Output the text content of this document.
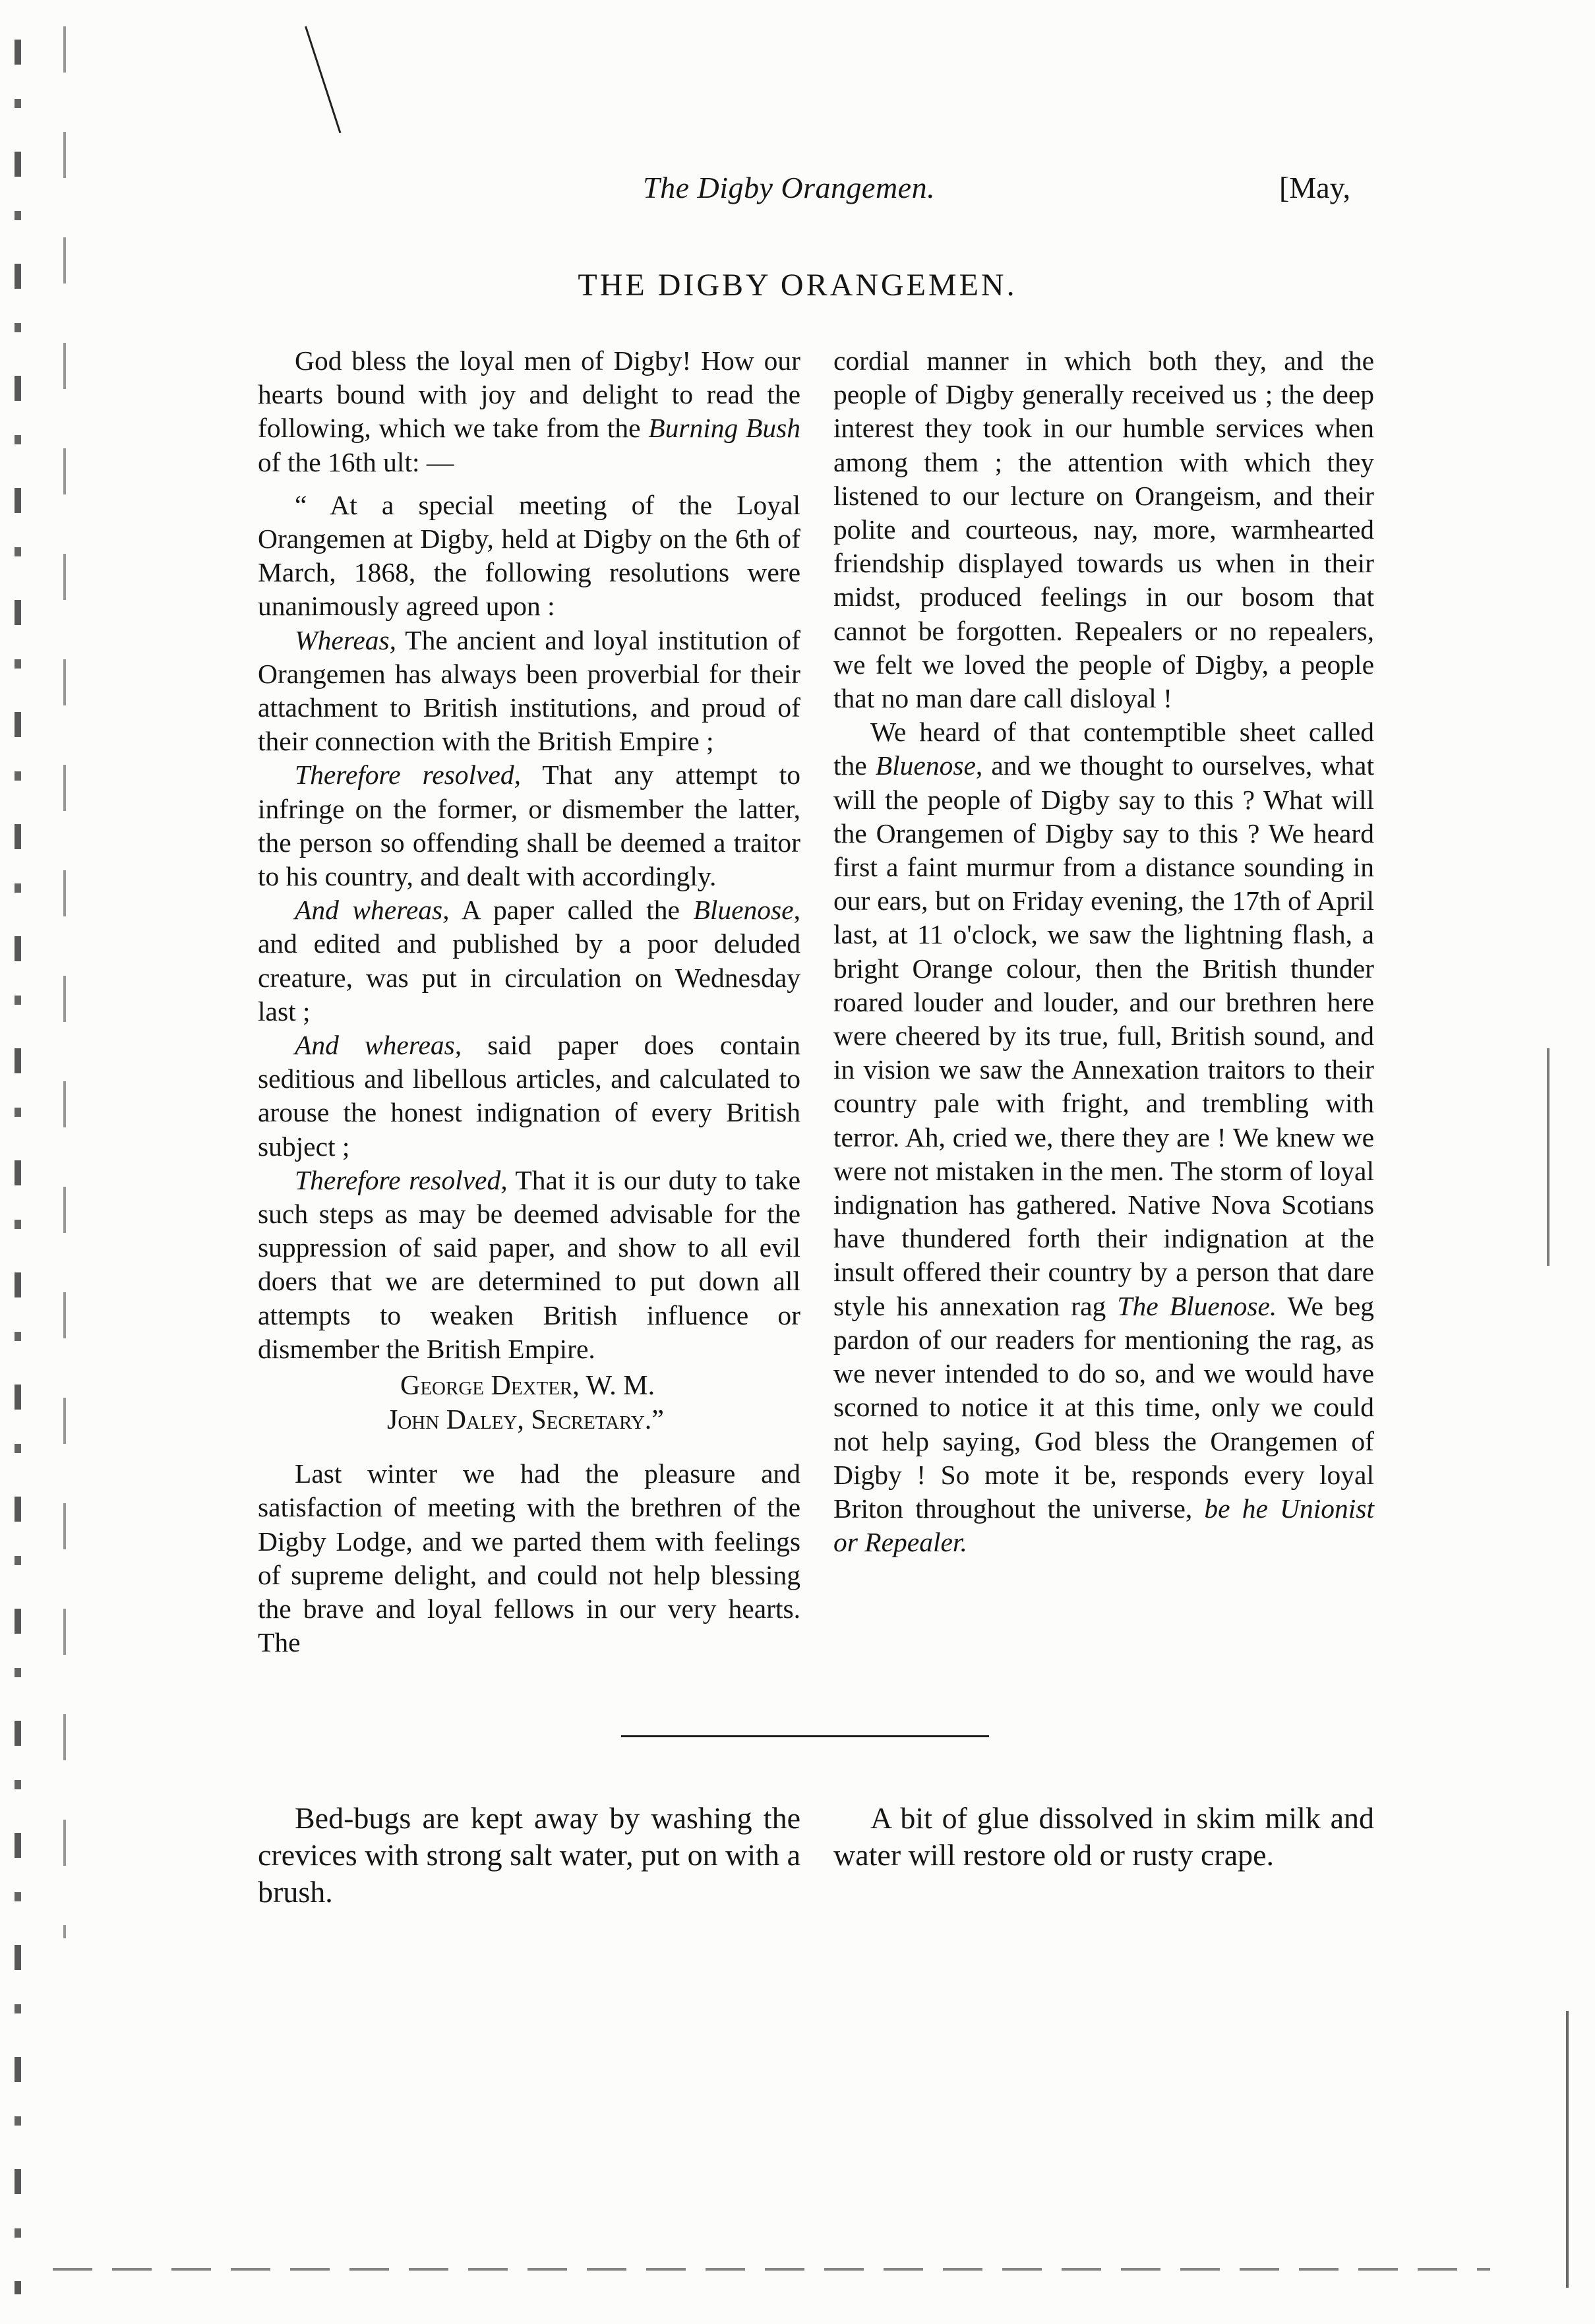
The Digby Orangemen.	[May,
THE DIGBY ORANGEMEN.

God bless the loyal men of Digby! How our hearts bound with joy and delight to read the following, which we take from the Burning Bush of the 16th ult: —

“ At a special meeting of the Loyal Orangemen at Digby, held at Digby on the 6th of March, 1868, the following resolutions were unanimously agreed upon :

Whereas, The ancient and loyal institution of Orangemen has always been proverbial for their attachment to British institutions, and proud of their connection with the British Empire ;

Therefore resolved, That any attempt to infringe on the former, or dismember the latter, the person so offending shall be deemed a traitor to his country, and dealt with accordingly.

And whereas, A paper called the Bluenose, and edited and published by a poor deluded creature, was put in circulation on Wednesday last ;

And whereas, said paper does contain seditious and libellous articles, and calculated to arouse the honest indignation of every British subject ;

Therefore resolved, That it is our duty to take such steps as may be deemed advisable for the suppression of said paper, and show to all evil doers that we are determined to put down all attempts to weaken British influence or dismember the British Empire.

George Dexter, W. M.
John Daley, Secretary.”

Last winter we had the pleasure and satisfaction of meeting with the brethren of the Digby Lodge, and we parted them with feelings of supreme delight, and could not help blessing the brave and loyal fellows in our very hearts. The

cordial manner in which both they, and the people of Digby generally received us ; the deep interest they took in our humble services when among them ; the attention with which they listened to our lecture on Orangeism, and their polite and courteous, nay, more, warmhearted friendship displayed towards us when in their midst, produced feelings in our bosom that cannot be forgotten. Repealers or no repealers, we felt we loved the people of Digby, a people that no man dare call disloyal !

We heard of that contemptible sheet called the Bluenose, and we thought to ourselves, what will the people of Digby say to this ? What will the Orangemen of Digby say to this ? We heard first a faint murmur from a distance sounding in our ears, but on Friday evening, the 17th of April last, at 11 o'clock, we saw the lightning flash, a bright Orange colour, then the British thunder roared louder and louder, and our brethren here were cheered by its true, full, British sound, and in vision we saw the Annexation traitors to their country pale with fright, and trembling with terror. Ah, cried we, there they are ! We knew we were not mistaken in the men. The storm of loyal indignation has gathered. Native Nova Scotians have thundered forth their indignation at the insult offered their country by a person that dare style his annexation rag The Bluenose. We beg pardon of our readers for mentioning the rag, as we never intended to do so, and we would have scorned to notice it at this time, only we could not help saying, God bless the Orangemen of Digby ! So mote it be, responds every loyal Briton throughout the universe, be he Unionist or Repealer.

Bed-bugs are kept away by washing the crevices with strong salt water, put on with a brush.

A bit of glue dissolved in skim milk and water will restore old or rusty crape.
